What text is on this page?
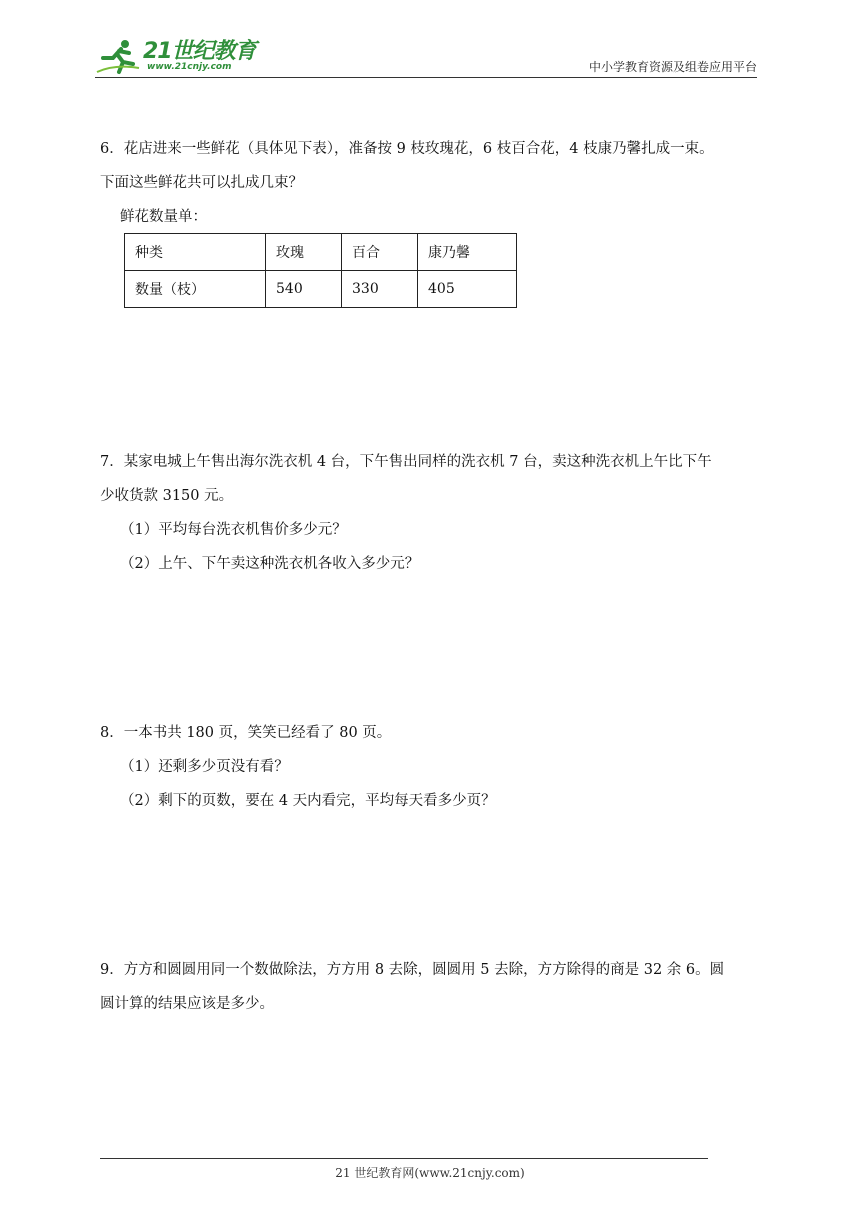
21世纪教育
www.21cnjy.com	中小学教育资源及组卷应用平台
6．花店进来一些鲜花（具体见下表），准备按 9 枝玫瑰花，6 枝百合花，4 枝康乃馨扎成一束。
下面这些鲜花共可以扎成几束？
鲜花数量单：
种类	玫瑰	百合	康乃馨
数量（枝）	540	330	405
7．某家电城上午售出海尔洗衣机 4 台，下午售出同样的洗衣机 7 台，卖这种洗衣机上午比下午
少收货款 3150 元。
（1）平均每台洗衣机售价多少元？
（2）上午、下午卖这种洗衣机各收入多少元？
8．一本书共 180 页，笑笑已经看了 80 页。
（1）还剩多少页没有看？
（2）剩下的页数，要在 4 天内看完，平均每天看多少页？
9．方方和圆圆用同一个数做除法，方方用 8 去除，圆圆用 5 去除，方方除得的商是 32 余 6。圆
圆计算的结果应该是多少。
21 世纪教育网(www.21cnjy.com)
